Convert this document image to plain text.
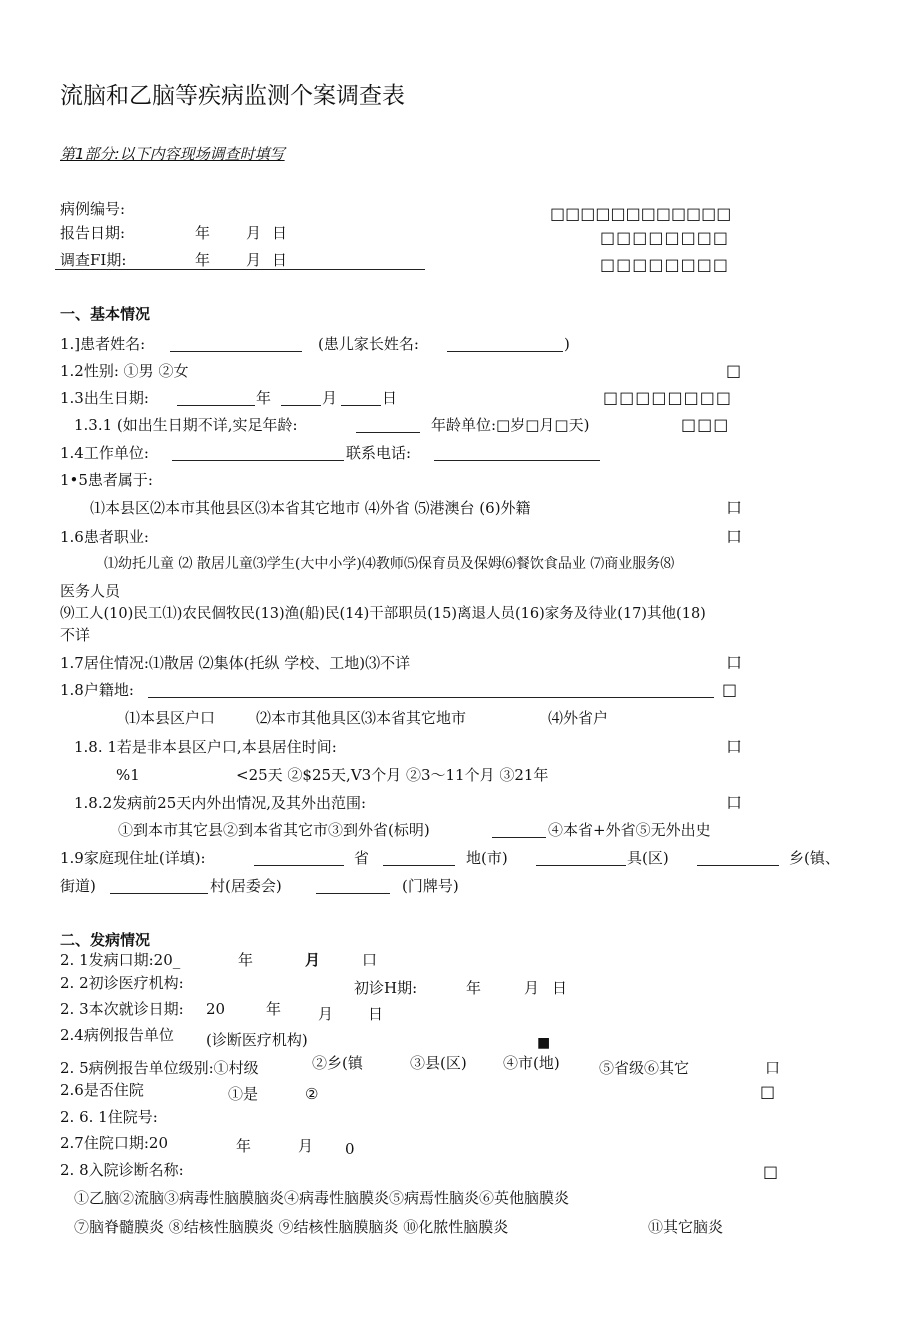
流脑和乙脑等疾病监测个案调查表
第1部分:以下内容现场调查时填写
病例编号:	□□□□□□□□□□□□
报告日期:	年 月 日	□□□□□□□□
调查FI期:	年 月 日	□□□□□□□□
一、基本情况
1.]患者姓名:	(患儿家长姓名:	)
1.2性别: ①男 ②女	□
1.3出生日期:	年	月	日	□□□□□□□□
1.3.1 (如出生日期不详,实足年龄:	年龄单位:□岁□月□天)	□□□
1.4工作单位:	联系电话:
1•5患者属于:
⑴本县区⑵本市其他县区⑶本省其它地市 ⑷外省 ⑸港澳台 (6)外籍	口
1.6患者职业:	口
⑴幼托儿童 ⑵ 散居儿童⑶学生(大中小学)⑷教师⑸保育员及保姆⑹餐饮食品业 ⑺商业服务⑻
医务人员
⑼工人(10)民工⑴)农民個牧民(13)渔(船)民(14)干部职员(15)离退人员(16)家务及待业(17)其他(18)
不详
1.7居住情况:⑴散居 ⑵集体(托纵 学校、工地)⑶不详	口
1.8户籍地:	□
⑴本县区户口	⑵本市其他具区⑶本省其它地市	⑷外省户
1.8. 1若是非本县区户口,本县居住时间:	口
%1	<25天 ②$25天,V3个月 ②3〜11个月 ③21年
1.8.2发病前25天内外出情况,及其外出范围:	口
①到本市其它县②到本省其它市③到外省(标明)	④本省+外省⑤无外出史
1.9家庭现住址(详填):	省	地(市)	具(区)	乡(镇、
街道)	村(居委会)	(门牌号)
二、发病情况
2. 1发病口期:20_	年	月	口
2. 2初诊医疗机构:	初诊H期:	年	月 日
2. 3本次就诊日期: 20	年 月 日
2.4病例报告单位 (诊断医疗机构)	■
2. 5病例报告单位级别:①村级	②乡(镇	③县(区) ④市(地)	⑤省级⑥其它	口
2.6是否住院	①是	②	□
2. 6. 1住院号:
2.7住院口期:20	年	月 0
2. 8入院诊断名称:	□
①乙脑②流脑③病毒性脑膜脑炎④病毒性脑膜炎⑤病焉性脑炎⑥英他脑膜炎
⑦脑脊髓膜炎 ⑧结核性脑膜炎 ⑨结核性脑膜脑炎 ⑩化脓性脑膜炎	⑪其它脑炎
